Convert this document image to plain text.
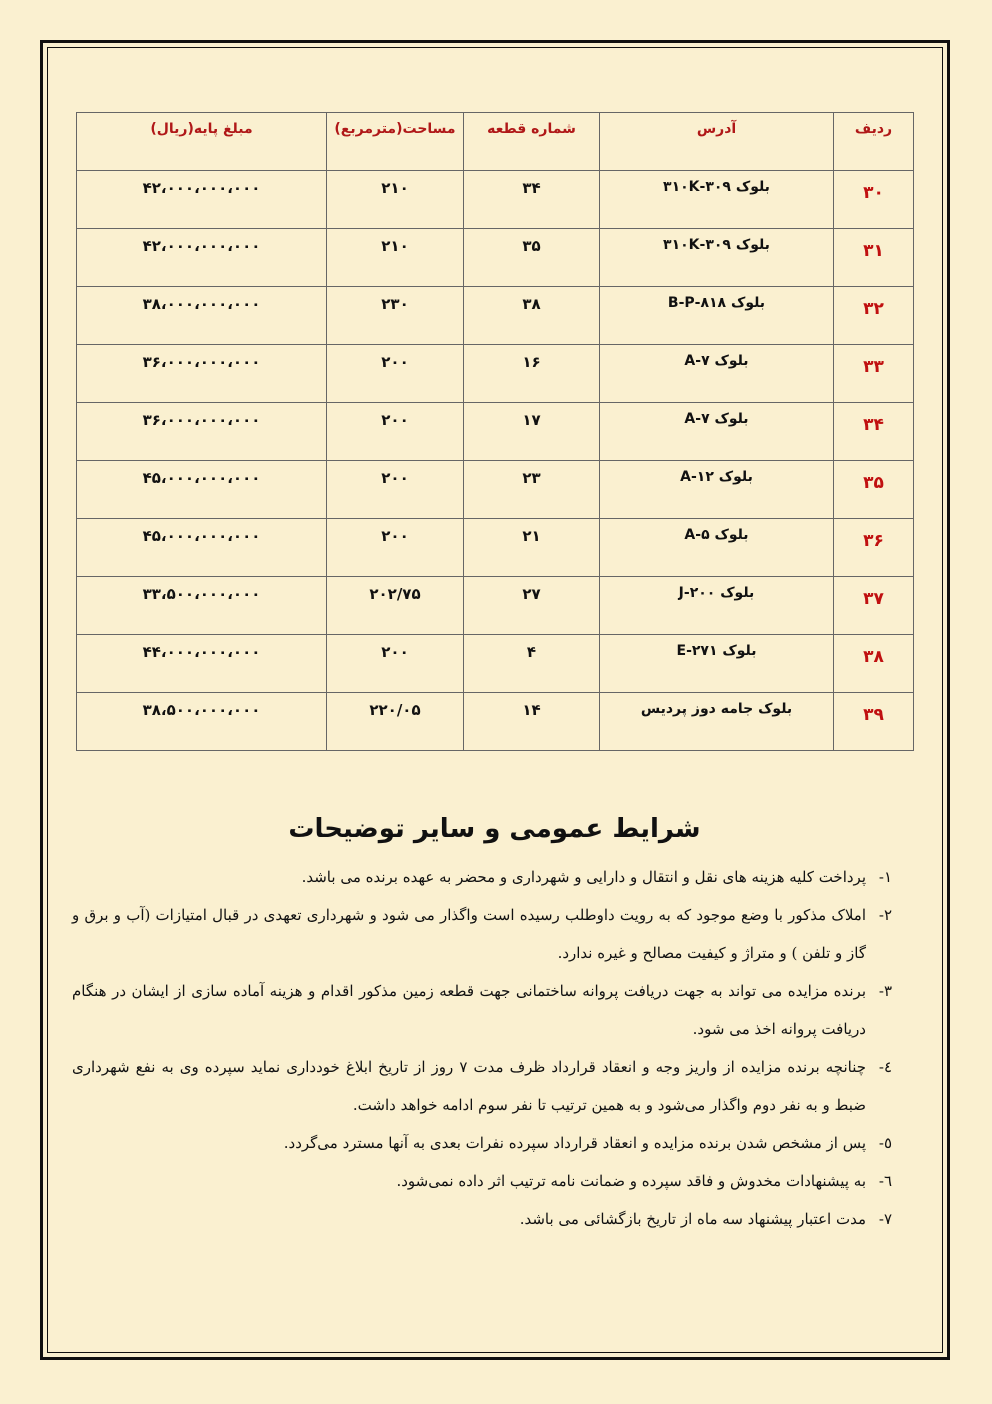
ردیف	آدرس	شماره قطعه	مساحت(مترمربع)	مبلغ پایه(ریال)
۳۰	بلوک ۳۰۹-۳۱۰K	۳۴	۲۱۰	۴۲،۰۰۰،۰۰۰،۰۰۰
۳۱	بلوک ۳۰۹-۳۱۰K	۳۵	۲۱۰	۴۲،۰۰۰،۰۰۰،۰۰۰
۳۲	بلوک ۸۱۸-B-P	۳۸	۲۳۰	۳۸،۰۰۰،۰۰۰،۰۰۰
۳۳	بلوک ۷-A	۱۶	۲۰۰	۳۶،۰۰۰،۰۰۰،۰۰۰
۳۴	بلوک ۷-A	۱۷	۲۰۰	۳۶،۰۰۰،۰۰۰،۰۰۰
۳۵	بلوک ۱۲-A	۲۳	۲۰۰	۴۵،۰۰۰،۰۰۰،۰۰۰
۳۶	بلوک ۵-A	۲۱	۲۰۰	۴۵،۰۰۰،۰۰۰،۰۰۰
۳۷	بلوک ۲۰۰-J	۲۷	۲۰۲/۷۵	۳۳،۵۰۰،۰۰۰،۰۰۰
۳۸	بلوک ۲۷۱-E	۴	۲۰۰	۴۴،۰۰۰،۰۰۰،۰۰۰
۳۹	بلوک جامه دوز پردیس	۱۴	۲۲۰/۰۵	۳۸،۵۰۰،۰۰۰،۰۰۰
شرایط عمومی و سایر توضیحات
۱-
پرداخت کلیه هزینه های نقل و انتقال و دارایی و شهرداری و محضر به عهده برنده می باشد.
۲-
املاک مذکور با وضع موجود که به رویت داوطلب رسیده است واگذار می شود و شهرداری تعهدی در قبال امتیازات (آب و برق و گاز و تلفن ) و متراژ و کیفیت مصالح و غیره ندارد.
۳-
برنده مزایده می تواند به جهت دریافت پروانه ساختمانی جهت قطعه زمین مذکور اقدام و هزینه آماده سازی از ایشان در هنگام دریافت پروانه اخذ می شود.
٤-
چنانچه برنده مزایده از واریز وجه و انعقاد قرارداد ظرف مدت ۷ روز از تاریخ ابلاغ خودداری نماید سپرده وی به نفع شهرداری ضبط و به نفر دوم واگذار می‌شود و به همین ترتیب تا نفر سوم ادامه خواهد داشت.
٥-
پس از مشخص شدن برنده مزایده و انعقاد قرارداد سپرده نفرات بعدی به آنها مسترد می‌گردد.
٦-
به پیشنهادات مخدوش و فاقد سپرده و ضمانت نامه ترتیب اثر داده نمی‌شود.
۷-
مدت اعتبار پیشنهاد سه ماه از تاریخ بازگشائی می باشد.
